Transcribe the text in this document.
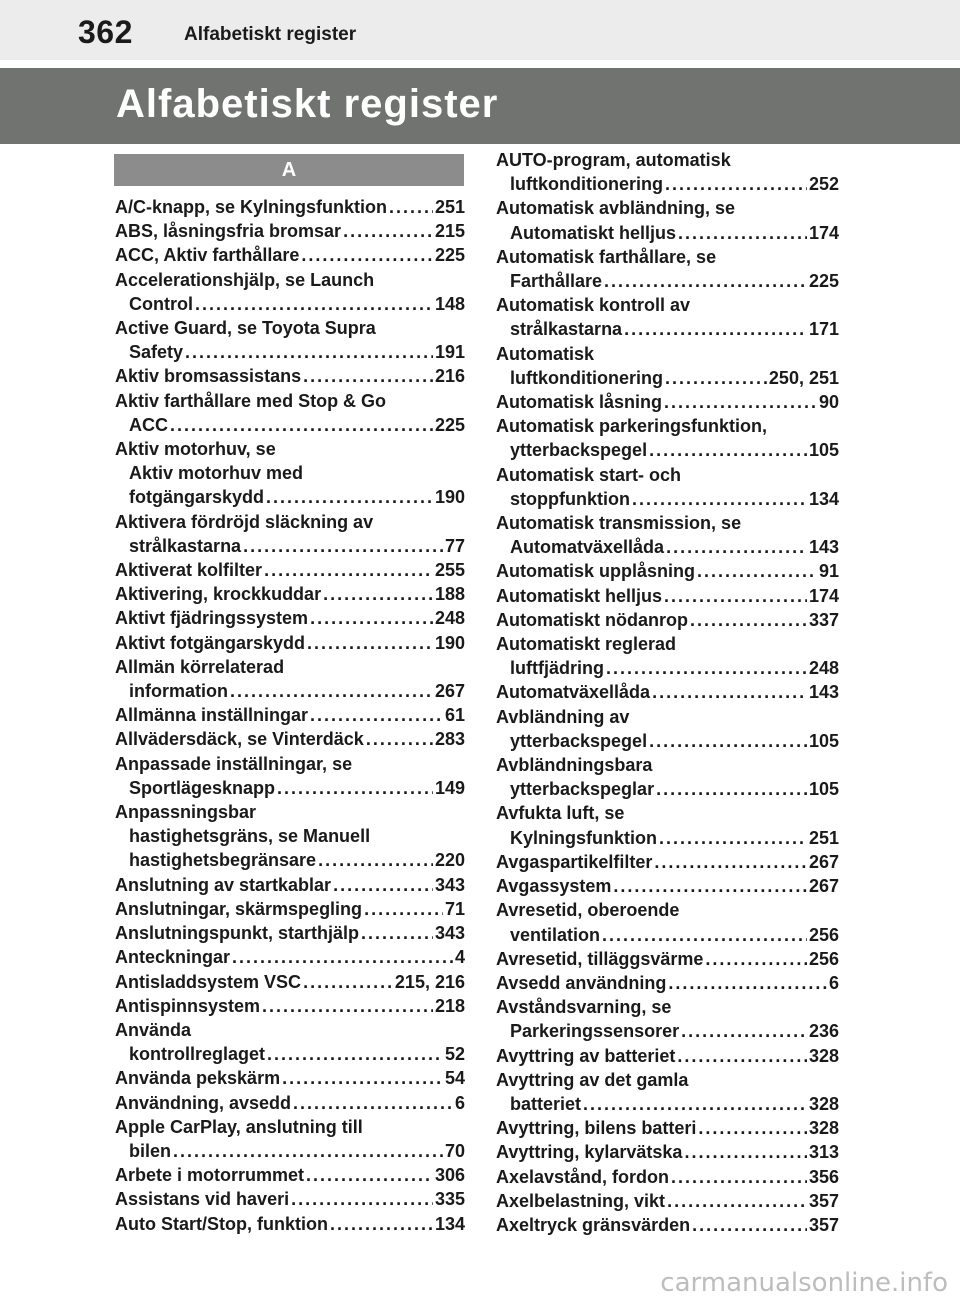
362	Alfabetiskt register
Alfabetiskt register
A
A/C-knapp, se Kylningsfunktion .....	251
ABS, låsningsfria bromsar .....	215
ACC, Aktiv farthållare .....	225
Accelerationshjälp, se Launch
Control .....	148
Active Guard, se Toyota Supra
Safety .....	191
Aktiv bromsassistans .....	216
Aktiv farthållare med Stop & Go
ACC .....	225
Aktiv motorhuv, se
Aktiv motorhuv med
fotgängarskydd .....	190
Aktivera fördröjd släckning av
strålkastarna .....	77
Aktiverat kolfilter .....	255
Aktivering, krockkuddar .....	188
Aktivt fjädringssystem .....	248
Aktivt fotgängarskydd .....	190
Allmän körrelaterad
information .....	267
Allmänna inställningar .....	61
Allvädersdäck, se Vinterdäck .....	283
Anpassade inställningar, se
Sportlägesknapp .....	149
Anpassningsbar
hastighetsgräns, se Manuell
hastighetsbegränsare .....	220
Anslutning av startkablar .....	343
Anslutningar, skärmspegling .....	71
Anslutningspunkt, starthjälp .....	343
Anteckningar .....	4
Antisladdsystem VSC .....	215, 216
Antispinnsystem .....	218
Använda
kontrollreglaget .....	52
Använda pekskärm .....	54
Användning, avsedd .....	6
Apple CarPlay, anslutning till
bilen .....	70
Arbete i motorrummet .....	306
Assistans vid haveri .....	335
Auto Start/Stop, funktion .....	134
AUTO-program, automatisk
luftkonditionering .....	252
Automatisk avbländning, se
Automatiskt helljus .....	174
Automatisk farthållare, se
Farthållare .....	225
Automatisk kontroll av
strålkastarna .....	171
Automatisk
luftkonditionering .....	250, 251
Automatisk låsning .....	90
Automatisk parkeringsfunktion,
ytterbackspegel .....	105
Automatisk start- och
stoppfunktion .....	134
Automatisk transmission, se
Automatväxellåda .....	143
Automatisk upplåsning .....	91
Automatiskt helljus .....	174
Automatiskt nödanrop .....	337
Automatiskt reglerad
luftfjädring .....	248
Automatväxellåda .....	143
Avbländning av
ytterbackspegel .....	105
Avbländningsbara
ytterbackspeglar .....	105
Avfukta luft, se
Kylningsfunktion .....	251
Avgaspartikelfilter .....	267
Avgassystem .....	267
Avresetid, oberoende
ventilation .....	256
Avresetid, tilläggsvärme .....	256
Avsedd användning .....	6
Avståndsvarning, se
Parkeringssensorer .....	236
Avyttring av batteriet .....	328
Avyttring av det gamla
batteriet .....	328
Avyttring, bilens batteri .....	328
Avyttring, kylarvätska .....	313
Axelavstånd, fordon .....	356
Axelbelastning, vikt .....	357
Axeltryck gränsvärden .....	357
carmanualsonline.info
